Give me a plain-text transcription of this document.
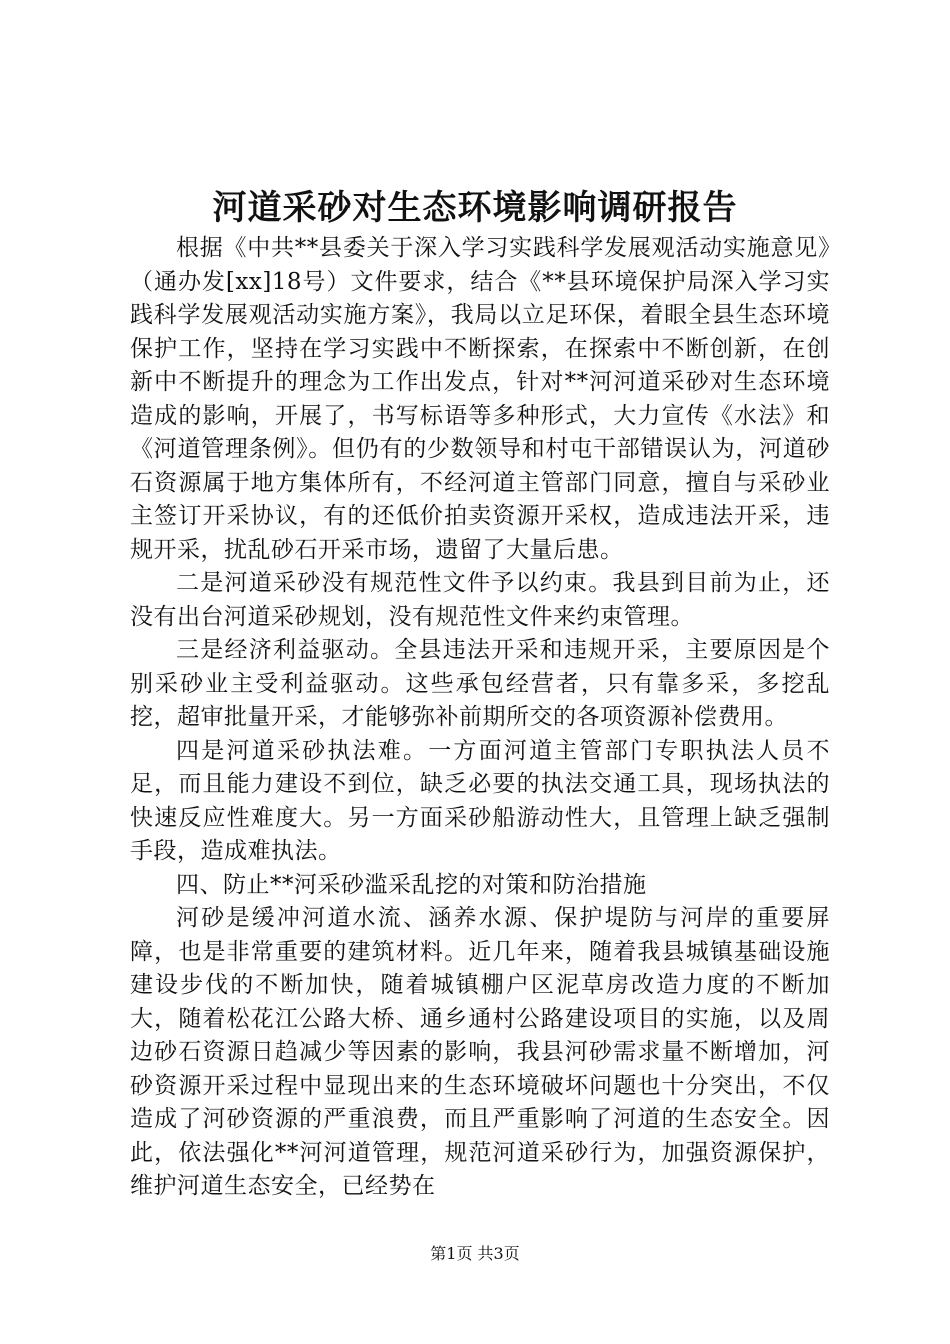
河道采砂对生态环境影响调研报告

根据《中共**县委关于深入学习实践科学发展观活动实施意见》（通办发[xx]18号）文件要求，结合《**县环境保护局深入学习实践科学发展观活动实施方案》，我局以立足环保，着眼全县生态环境保护工作，坚持在学习实践中不断探索，在探索中不断创新，在创新中不断提升的理念为工作出发点，针对**河河道采砂对生态环境造成的影响，开展了，书写标语等多种形式，大力宣传《水法》和《河道管理条例》。但仍有的少数领导和村屯干部错误认为，河道砂石资源属于地方集体所有，不经河道主管部门同意，擅自与采砂业主签订开采协议，有的还低价拍卖资源开采权，造成违法开采，违规开采，扰乱砂石开采市场，遗留了大量后患。

二是河道采砂没有规范性文件予以约束。我县到目前为止，还没有出台河道采砂规划，没有规范性文件来约束管理。

三是经济利益驱动。全县违法开采和违规开采，主要原因是个别采砂业主受利益驱动。这些承包经营者，只有靠多采，多挖乱挖，超审批量开采，才能够弥补前期所交的各项资源补偿费用。

四是河道采砂执法难。一方面河道主管部门专职执法人员不足，而且能力建设不到位，缺乏必要的执法交通工具，现场执法的快速反应性难度大。另一方面采砂船游动性大，且管理上缺乏强制手段，造成难执法。

四、防止**河采砂滥采乱挖的对策和防治措施

河砂是缓冲河道水流、涵养水源、保护堤防与河岸的重要屏障，也是非常重要的建筑材料。近几年来，随着我县城镇基础设施建设步伐的不断加快，随着城镇棚户区泥草房改造力度的不断加大，随着松花江公路大桥、通乡通村公路建设项目的实施，以及周边砂石资源日趋减少等因素的影响，我县河砂需求量不断增加，河砂资源开采过程中显现出来的生态环境破坏问题也十分突出，不仅造成了河砂资源的严重浪费，而且严重影响了河道的生态安全。因此，依法强化**河河道管理，规范河道采砂行为，加强资源保护，维护河道生态安全，已经势在

第1页 共3页
